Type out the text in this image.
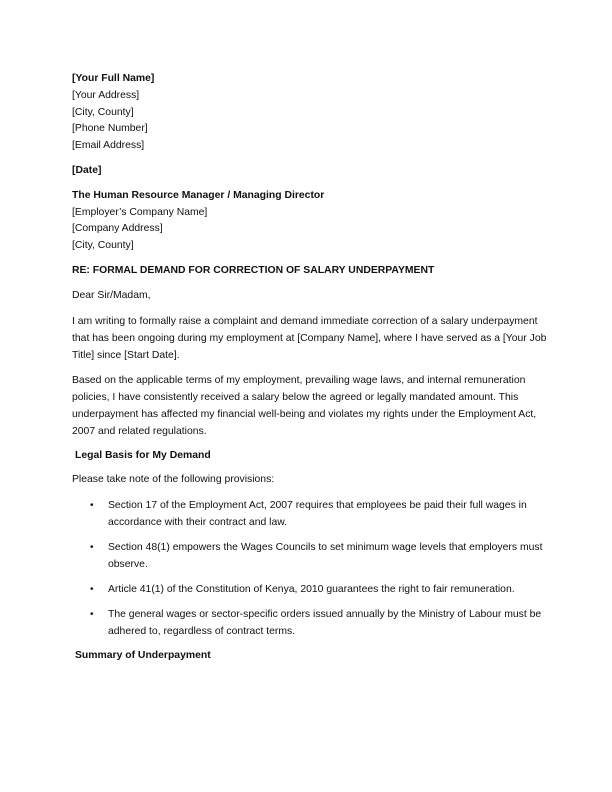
[Your Full Name]
[Your Address]
[City, County]
[Phone Number]
[Email Address]
[Date]
The Human Resource Manager / Managing Director
[Employer’s Company Name]
[Company Address]
[City, County]
RE: FORMAL DEMAND FOR CORRECTION OF SALARY UNDERPAYMENT
Dear Sir/Madam,
I am writing to formally raise a complaint and demand immediate correction of a salary underpayment that has been ongoing during my employment at [Company Name], where I have served as a [Your Job Title] since [Start Date].
Based on the applicable terms of my employment, prevailing wage laws, and internal remuneration policies, I have consistently received a salary below the agreed or legally mandated amount. This underpayment has affected my financial well-being and violates my rights under the Employment Act, 2007 and related regulations.
Legal Basis for My Demand
Please take note of the following provisions:
• Section 17 of the Employment Act, 2007 requires that employees be paid their full wages in accordance with their contract and law.
• Section 48(1) empowers the Wages Councils to set minimum wage levels that employers must observe.
• Article 41(1) of the Constitution of Kenya, 2010 guarantees the right to fair remuneration.
• The general wages or sector-specific orders issued annually by the Ministry of Labour must be adhered to, regardless of contract terms.
Summary of Underpayment
